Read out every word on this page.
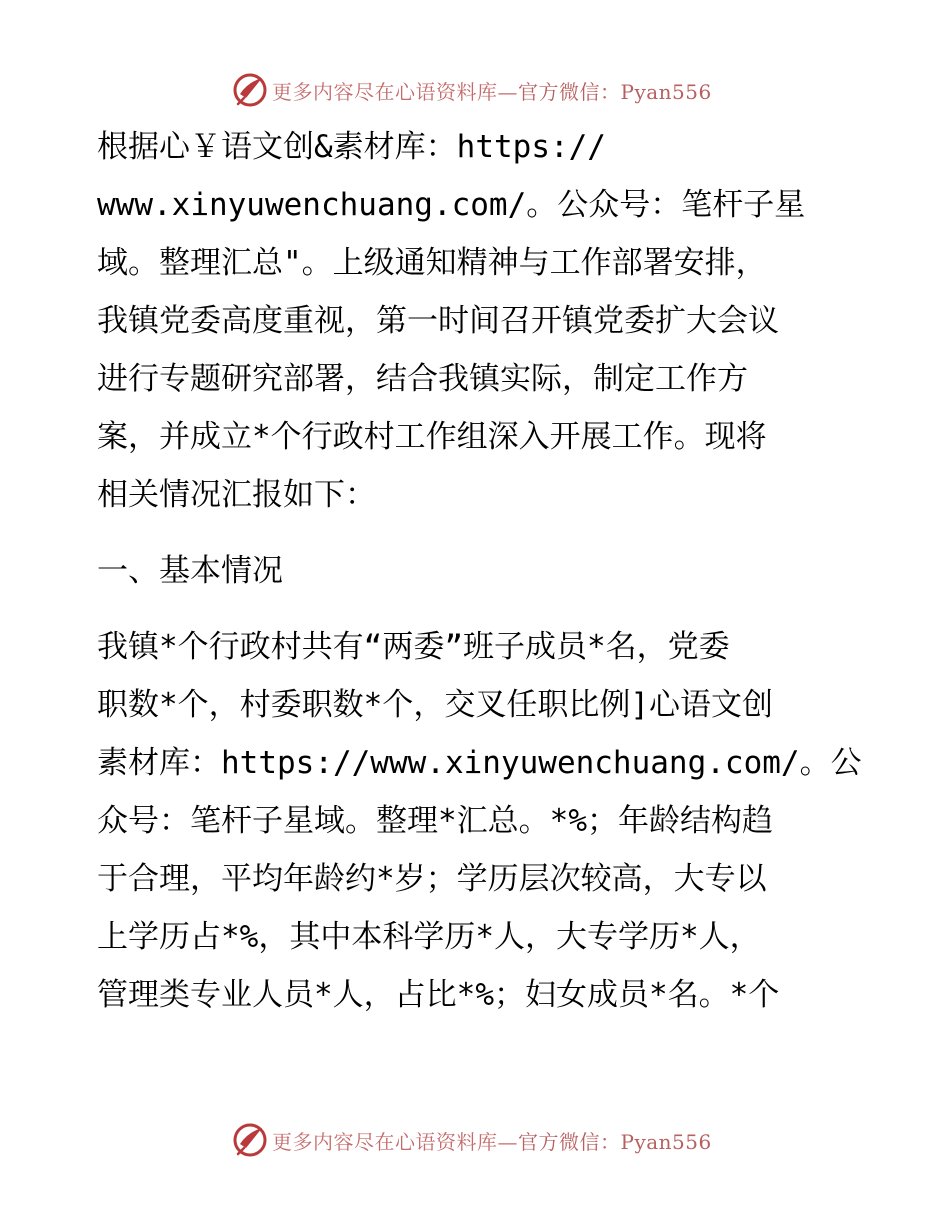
更多内容尽在心语资料库—官方微信：Pyan556
根据心￥语文创&素材库：https://
www.xinyuwenchuang.com/。公众号：笔杆子星
域。整理汇总"。上级通知精神与工作部署安排，
我镇党委高度重视，第一时间召开镇党委扩大会议
进行专题研究部署，结合我镇实际，制定工作方
案，并成立*个行政村工作组深入开展工作。现将
相关情况汇报如下：
一、基本情况
我镇*个行政村共有“两委”班子成员*名，党委
职数*个，村委职数*个，交叉任职比例]心语文创
素材库：https://www.xinyuwenchuang.com/。公
众号：笔杆子星域。整理*汇总。*%；年龄结构趋
于合理，平均年龄约*岁；学历层次较高，大专以
上学历占*%，其中本科学历*人，大专学历*人，
管理类专业人员*人，占比*%；妇女成员*名。*个
更多内容尽在心语资料库—官方微信：Pyan556
